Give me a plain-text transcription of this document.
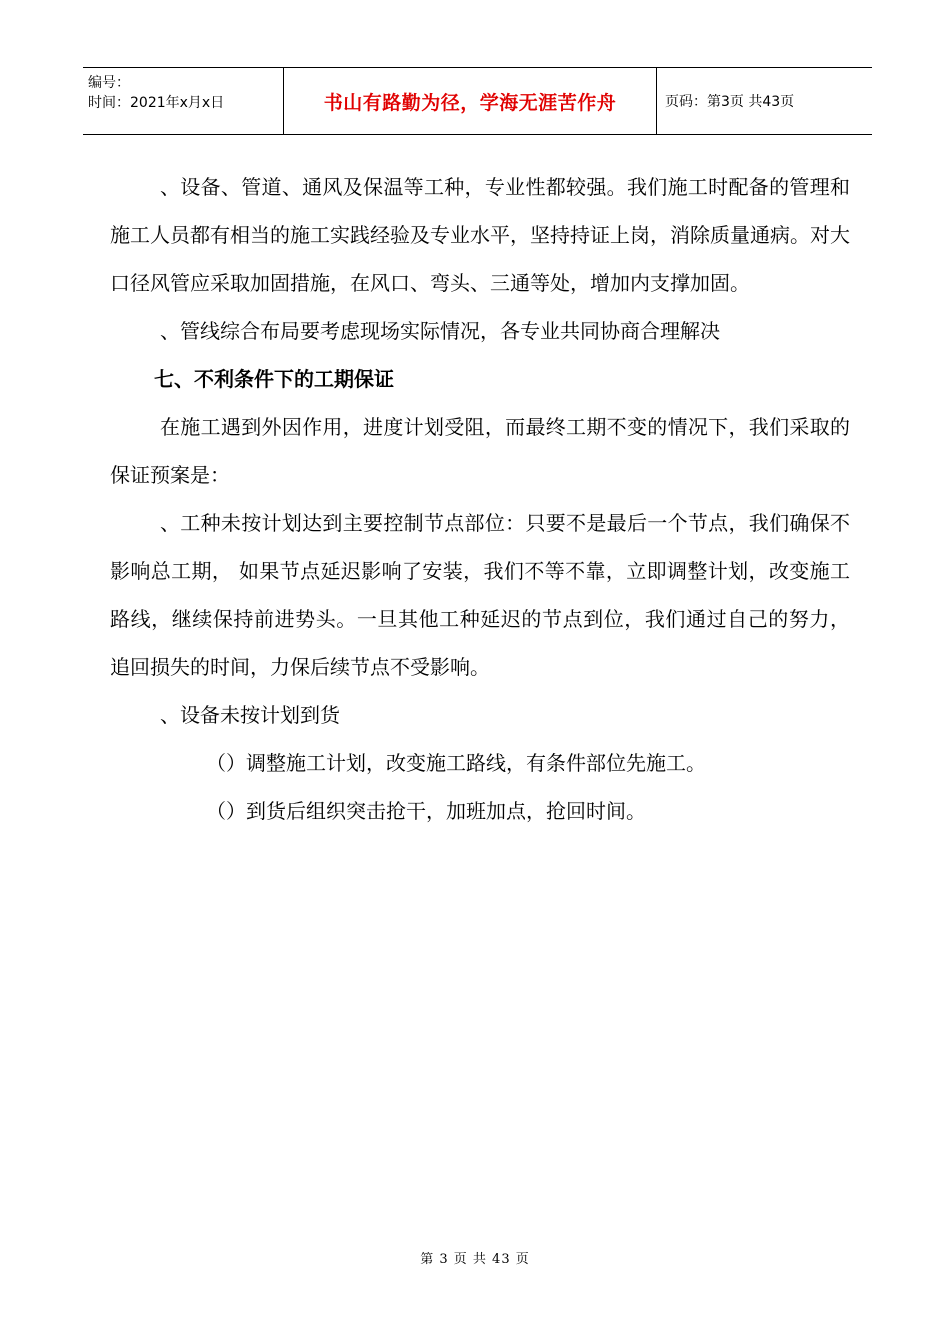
编号：
时间：2021年x月x日	书山有路勤为径，学海无涯苦作舟	页码：第3页 共43页

、设备、管道、通风及保温等工种，专业性都较强。我们施工时配备的管理和施工人员都有相当的施工实践经验及专业水平，坚持持证上岗，消除质量通病。对大口径风管应采取加固措施，在风口、弯头、三通等处，增加内支撑加固。

、管线综合布局要考虑现场实际情况，各专业共同协商合理解决

七、不利条件下的工期保证

在施工遇到外因作用，进度计划受阻，而最终工期不变的情况下，我们采取的保证预案是：

、工种未按计划达到主要控制节点部位：只要不是最后一个节点，我们确保不影响总工期， 如果节点延迟影响了安装，我们不等不靠，立即调整计划，改变施工路线，继续保持前进势头。一旦其他工种延迟的节点到位，我们通过自己的努力， 追回损失的时间，力保后续节点不受影响。

、设备未按计划到货

（）调整施工计划，改变施工路线，有条件部位先施工。

（）到货后组织突击抢干，加班加点，抢回时间。

第 3 页 共 43 页
